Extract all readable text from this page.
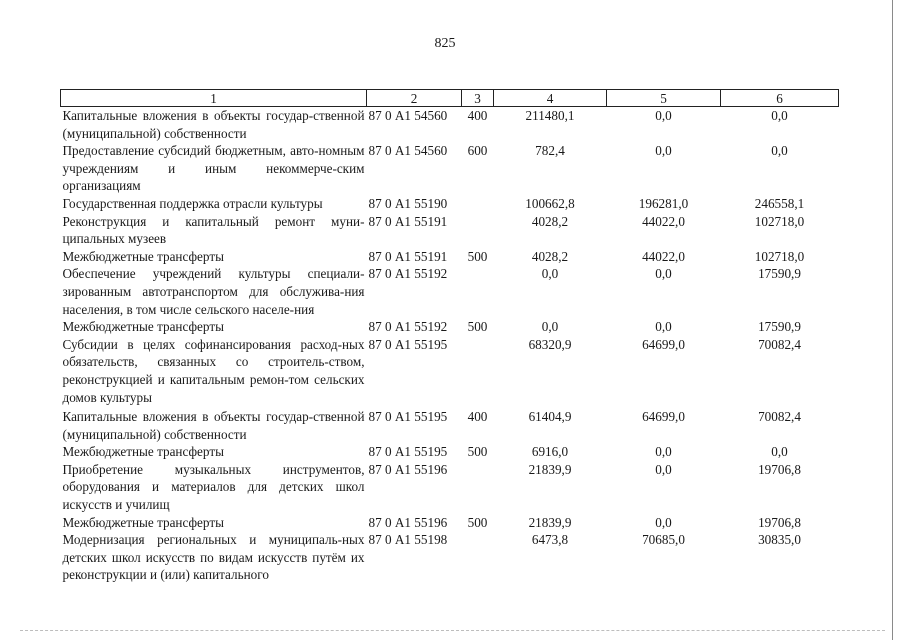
825
1	2	3	4	5	6
Капитальные вложения в объекты государ-ственной (муниципальной) собственности	87 0 А1 54560	400	211480,1	0,0	0,0
Предоставление субсидий бюджетным, авто-номным учреждениям и иным некоммерче-ским организациям	87 0 А1 54560	600	782,4	0,0	0,0
Государственная поддержка отрасли культуры	87 0 А1 55190		100662,8	196281,0	246558,1
Реконструкция и капитальный ремонт муни-ципальных музеев	87 0 А1 55191		4028,2	44022,0	102718,0
Межбюджетные трансферты	87 0 А1 55191	500	4028,2	44022,0	102718,0
Обеспечение учреждений культуры специали-зированным автотранспортом для обслужива-ния населения, в том числе сельского населе-ния	87 0 А1 55192		0,0	0,0	17590,9
Межбюджетные трансферты	87 0 А1 55192	500	0,0	0,0	17590,9
Субсидии в целях софинансирования расход-ных обязательств, связанных со строитель-ством, реконструкцией и капитальным ремон-том сельских домов культуры	87 0 А1 55195		68320,9	64699,0	70082,4
Капитальные вложения в объекты государ-ственной (муниципальной) собственности	87 0 А1 55195	400	61404,9	64699,0	70082,4
Межбюджетные трансферты	87 0 А1 55195	500	6916,0	0,0	0,0
Приобретение музыкальных инструментов, оборудования и материалов для детских школ искусств и училищ	87 0 А1 55196		21839,9	0,0	19706,8
Межбюджетные трансферты	87 0 А1 55196	500	21839,9	0,0	19706,8
Модернизация региональных и муниципаль-ных детских школ искусств по видам искусств путём их реконструкции и (или) капитального	87 0 А1 55198		6473,8	70685,0	30835,0
